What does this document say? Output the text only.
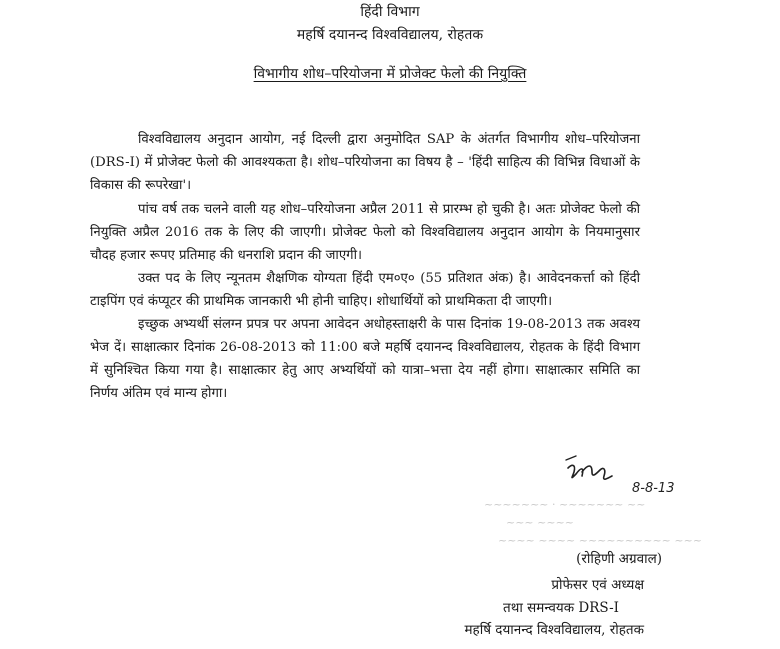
हिंदी विभाग
महर्षि दयानन्द विश्वविद्यालय, रोहतक
विभागीय शोध–परियोजना में प्रोजेक्ट फेलो की नियुक्ति

विश्वविद्यालय अनुदान आयोग, नई दिल्ली द्वारा अनुमोदित SAP के अंतर्गत विभागीय शोध–परियोजना (DRS-I) में प्रोजेक्ट फेलो की आवश्यकता है। शोध–परियोजना का विषय है – 'हिंदी साहित्य की विभिन्न विधाओं के विकास की रूपरेखा'।

पांच वर्ष तक चलने वाली यह शोध–परियोजना अप्रैल 2011 से प्रारम्भ हो चुकी है। अतः प्रोजेक्ट फेलो की नियुक्ति अप्रैल 2016 तक के लिए की जाएगी। प्रोजेक्ट फेलो को विश्वविद्यालय अनुदान आयोग के नियमानुसार चौदह हजार रूपए प्रतिमाह की धनराशि प्रदान की जाएगी।

उक्त पद के लिए न्यूनतम शैक्षणिक योग्यता हिंदी एम०ए० (55 प्रतिशत अंक) है। आवेदनकर्त्ता को हिंदी टाइपिंग एवं कंप्यूटर की प्राथमिक जानकारी भी होनी चाहिए। शोधार्थियों को प्राथमिकता दी जाएगी।

इच्छुक अभ्यर्थी संलग्न प्रपत्र पर अपना आवेदन अधोहस्ताक्षरी के पास दिनांक 19-08-2013 तक अवश्य भेज दें। साक्षात्कार दिनांक 26-08-2013 को 11:00 बजे महर्षि दयानन्द विश्वविद्यालय, रोहतक के हिंदी विभाग में सुनिश्चित किया गया है। साक्षात्कार हेतु आए अभ्यर्थियों को यात्रा–भत्ता देय नहीं होगा। साक्षात्कार समिति का निर्णय अंतिम एवं मान्य होगा।

8-8-13
~~~~~~~ · ~~~~~~~ ~~
~~~ ~~~~
~~~~ ~~~~ ~~~~~~~~~~ ~~~
(रोहिणी अग्रवाल)
प्रोफेसर एवं अध्यक्ष
तथा समन्वयक DRS-I
महर्षि दयानन्द विश्वविद्यालय, रोहतक
